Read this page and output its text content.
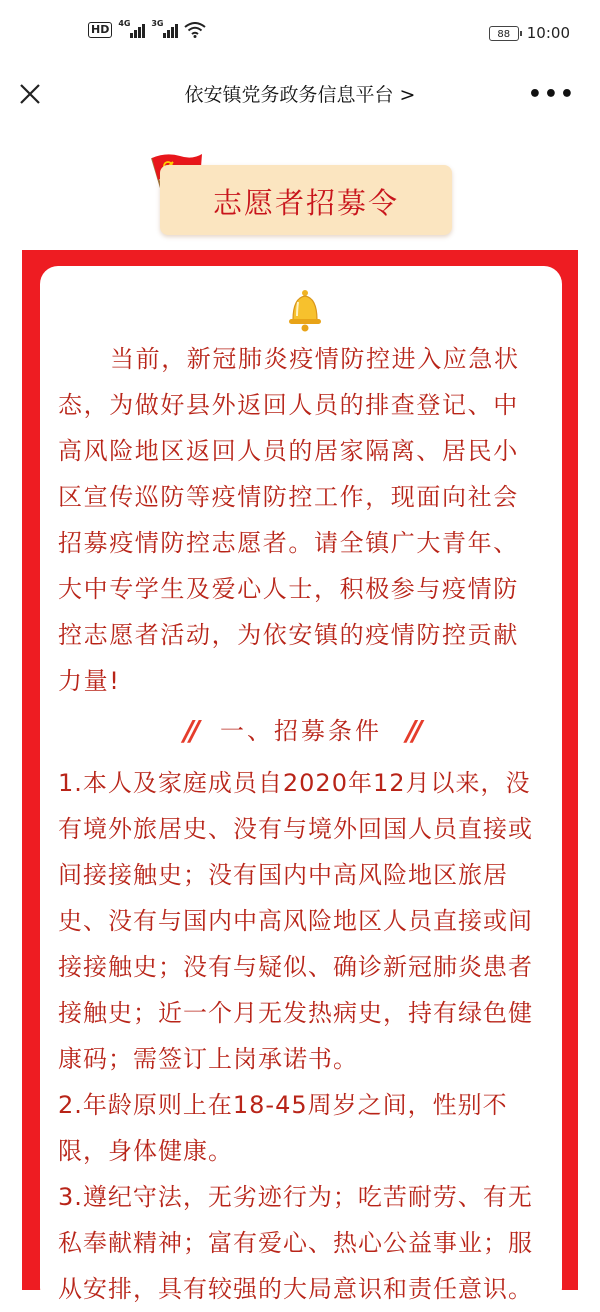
HD	4G	3G
88	10:00
依安镇党务政务信息平台 >	•••
志愿者招募令

当前，新冠肺炎疫情防控进入应急状态，为做好县外返回人员的排查登记、中高风险地区返回人员的居家隔离、居民小区宣传巡防等疫情防控工作，现面向社会招募疫情防控志愿者。请全镇广大青年、大中专学生及爱心人士，积极参与疫情防控志愿者活动，为依安镇的疫情防控贡献力量!

// 一、招募条件 //

1.本人及家庭成员自2020年12月以来，没有境外旅居史、没有与境外回国人员直接或间接接触史；没有国内中高风险地区旅居史、没有与国内中高风险地区人员直接或间接接触史；没有与疑似、确诊新冠肺炎患者接触史；近一个月无发热病史，持有绿色健康码；需签订上岗承诺书。

2.年龄原则上在18-45周岁之间，性别不限，身体健康。

3.遵纪守法，无劣迹行为；吃苦耐劳、有无私奉献精神；富有爱心、热心公益事业；服从安排，具有较强的大局意识和责任意识。
